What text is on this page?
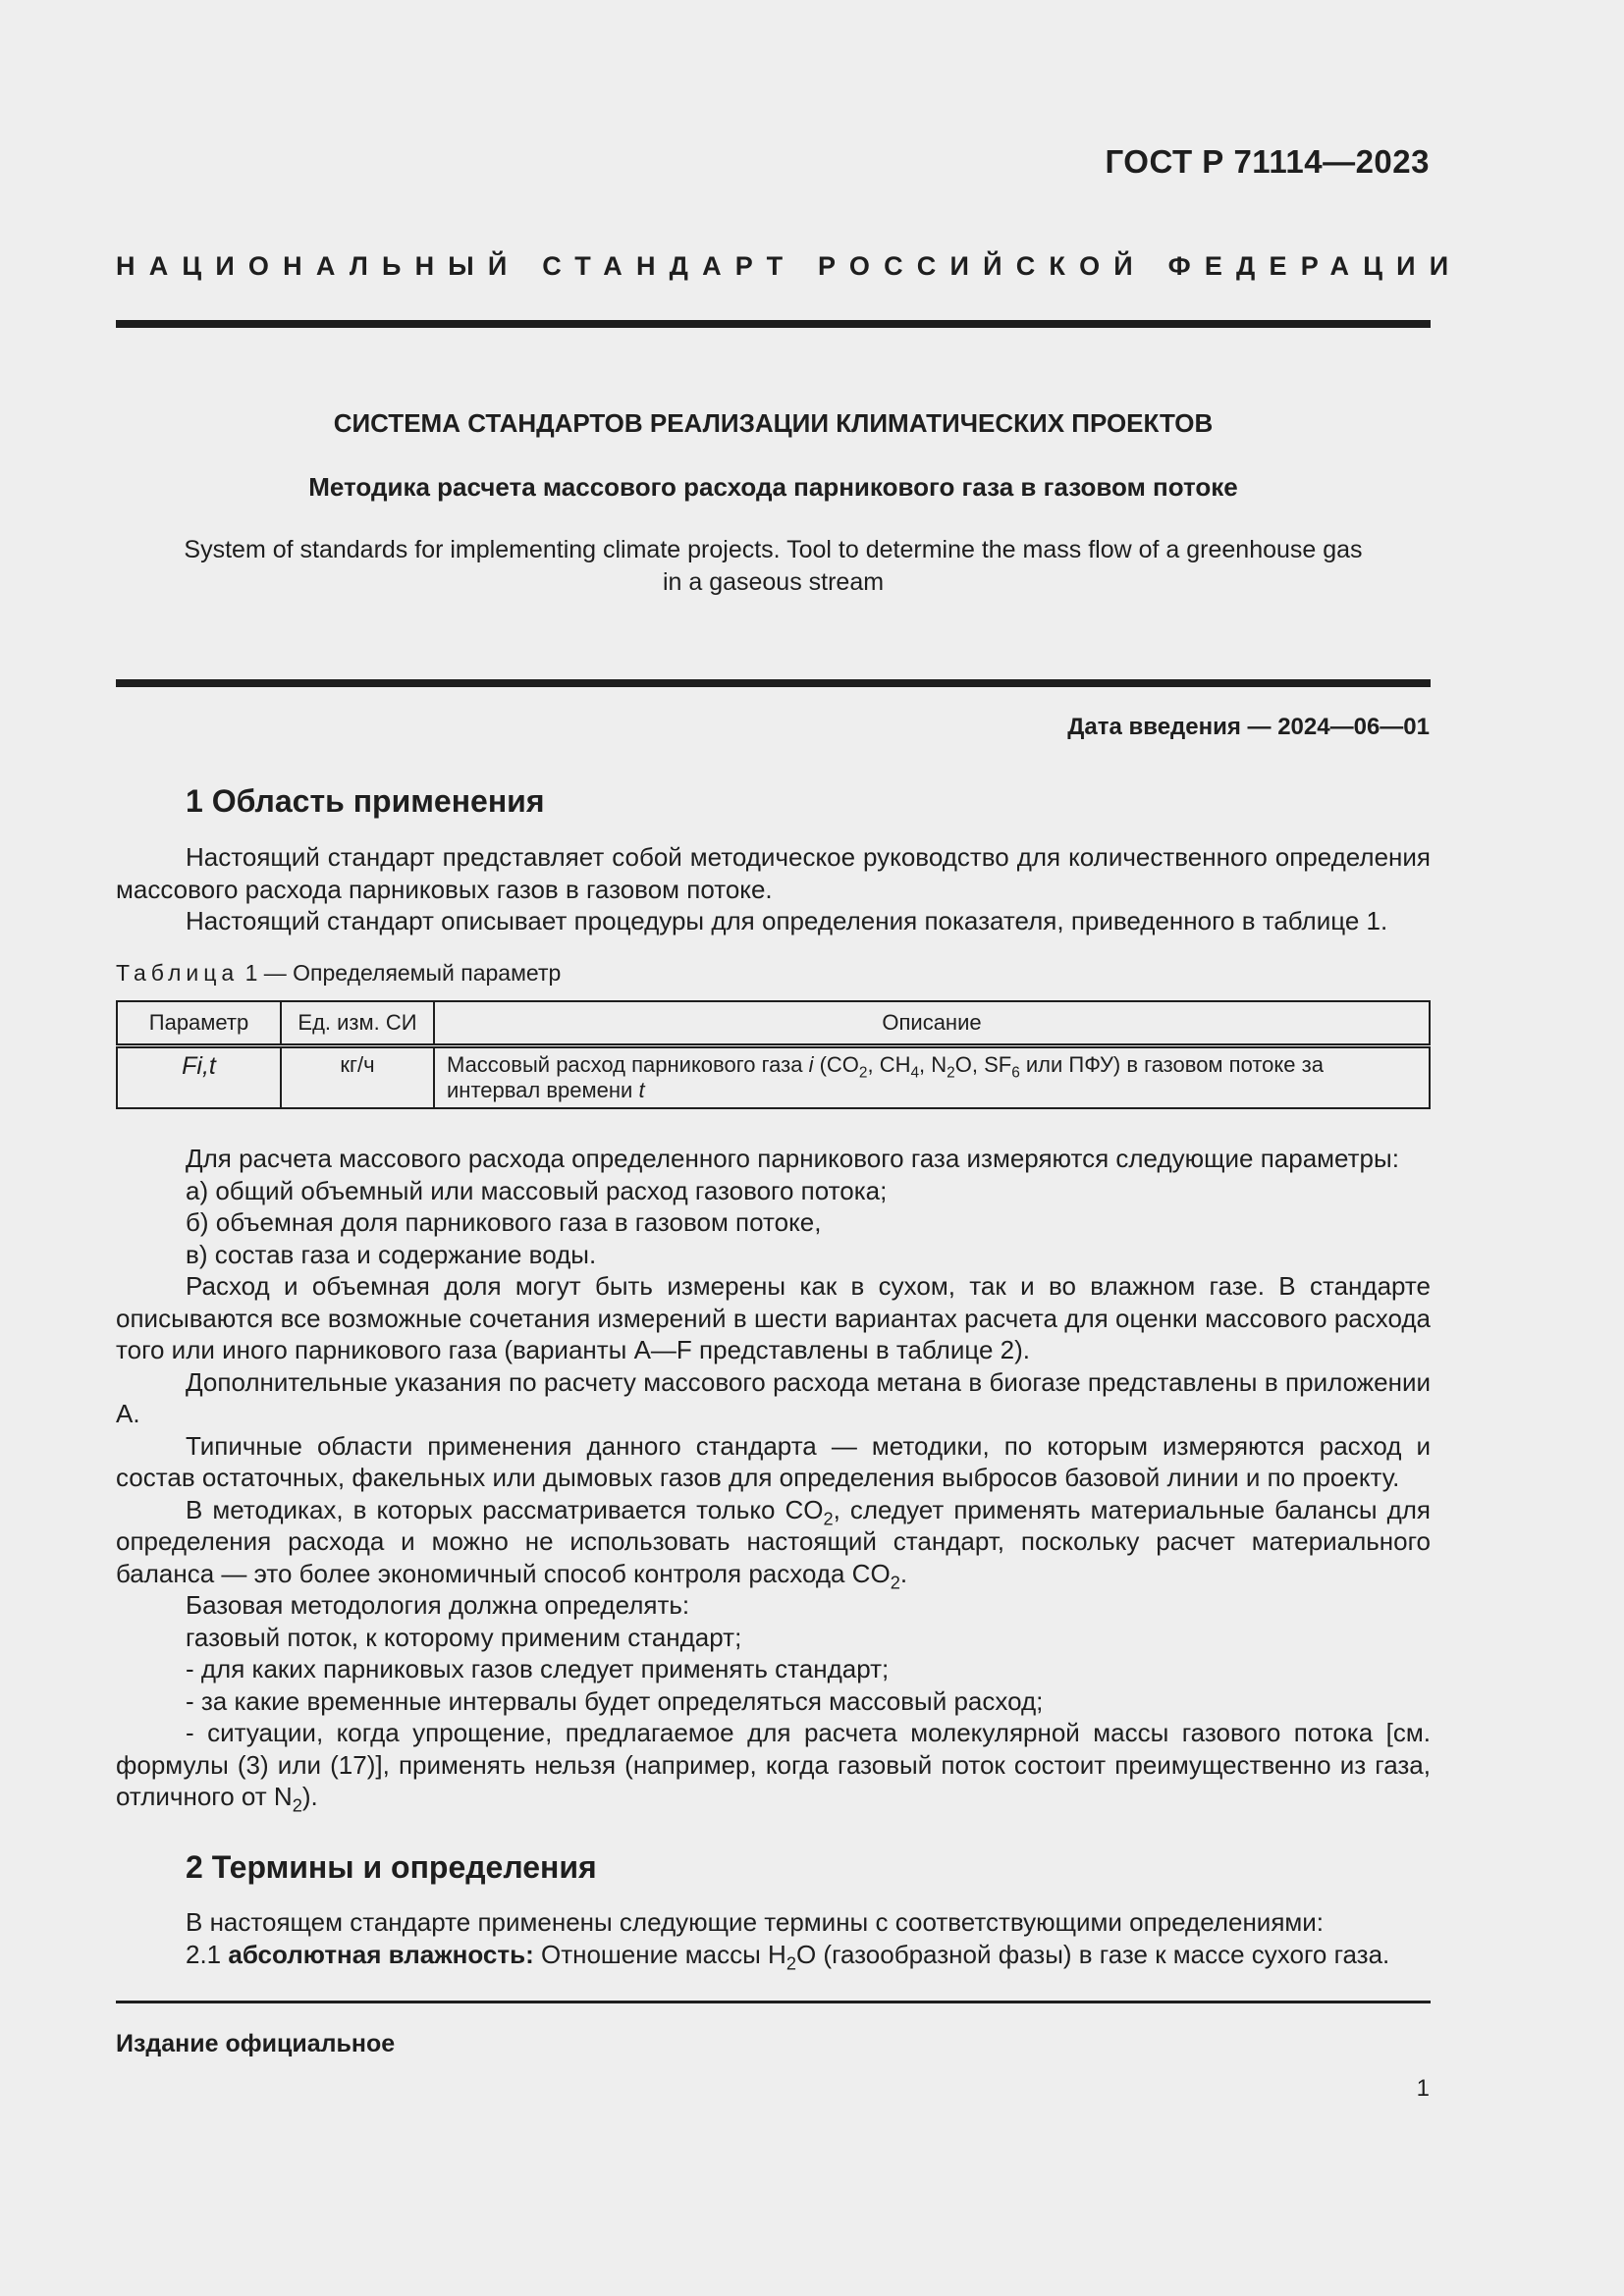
ГОСТ Р 71114—2023
НАЦИОНАЛЬНЫЙ СТАНДАРТ РОССИЙСКОЙ ФЕДЕРАЦИИ
СИСТЕМА СТАНДАРТОВ РЕАЛИЗАЦИИ КЛИМАТИЧЕСКИХ ПРОЕКТОВ
Методика расчета массового расхода парникового газа в газовом потоке
System of standards for implementing climate projects. Tool to determine the mass flow of a greenhouse gas
in a gaseous stream
Дата введения — 2024—06—01
1 Область применения

Настоящий стандарт представляет собой методическое руководство для количественного определения массового расхода парниковых газов в газовом потоке.

Настоящий стандарт описывает процедуры для определения показателя, приведенного в таблице 1.

Таблица 1 — Определяемый параметр
Параметр	Ед. изм. СИ	Описание
Fi,t	кг/ч	Массовый расход парникового газа i ($CO_2$, $CH_4$, $N_2O$, $SF_6$ или ПФУ) в газовом потоке за интервал времени t

Для расчета массового расхода определенного парникового газа измеряются следующие параметры:

а) общий объемный или массовый расход газового потока;

б) объемная доля парникового газа в газовом потоке,

в) состав газа и содержание воды.

Расход и объемная доля могут быть измерены как в сухом, так и во влажном газе. В стандарте описываются все возможные сочетания измерений в шести вариантах расчета для оценки массового расхода того или иного парникового газа (варианты A—F представлены в таблице 2).

Дополнительные указания по расчету массового расхода метана в биогазе представлены в приложении А.

Типичные области применения данного стандарта — методики, по которым измеряются расход и состав остаточных, факельных или дымовых газов для определения выбросов базовой линии и по проекту.

В методиках, в которых рассматривается только $CO_2$, следует применять материальные балансы для определения расхода и можно не использовать настоящий стандарт, поскольку расчет материального баланса — это более экономичный способ контроля расхода $CO_2$.

Базовая методология должна определять:

газовый поток, к которому применим стандарт;

- для каких парниковых газов следует применять стандарт;

- за какие временные интервалы будет определяться массовый расход;

- ситуации, когда упрощение, предлагаемое для расчета молекулярной массы газового потока [см. формулы (3) или (17)], применять нельзя (например, когда газовый поток состоит преимущественно из газа, отличного от $N_2$).

2 Термины и определения

В настоящем стандарте применены следующие термины с соответствующими определениями:

2.1 абсолютная влажность: Отношение массы $H_2O$ (газообразной фазы) в газе к массе сухого газа.

Издание официальное
1
